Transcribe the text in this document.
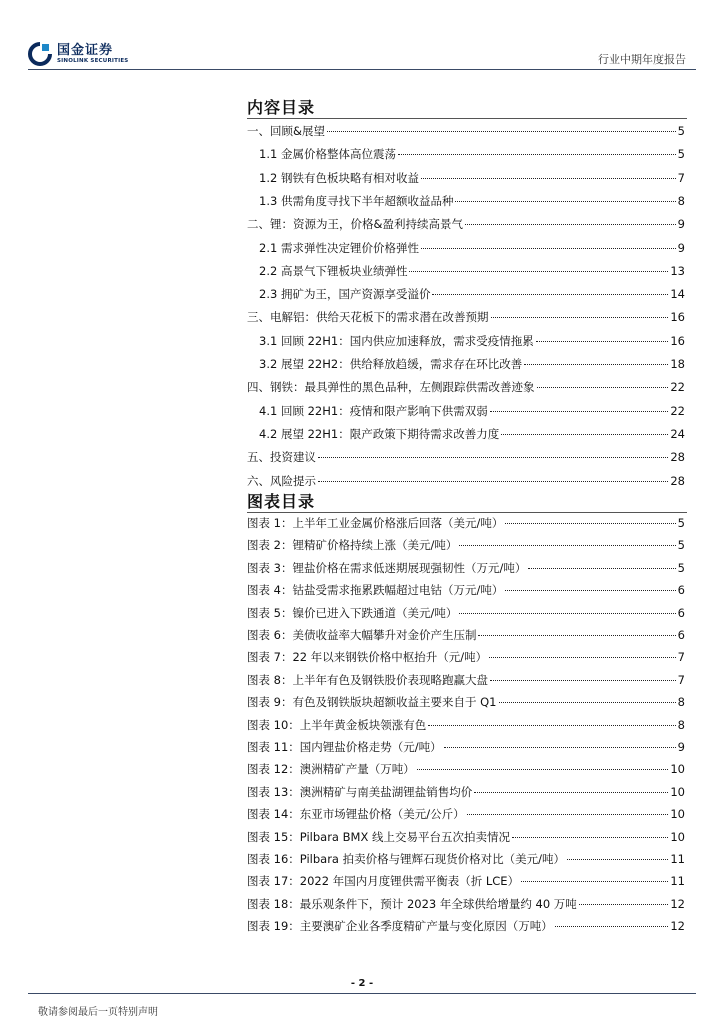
国金证券
SINOLINK SECURITIES	行业中期年度报告
内容目录
一、回顾&展望	5
1.1 金属价格整体高位震荡	5
1.2 钢铁有色板块略有相对收益	7
1.3 供需角度寻找下半年超额收益品种	8
二、锂：资源为王，价格&盈利持续高景气	9
2.1 需求弹性决定锂价价格弹性	9
2.2 高景气下锂板块业绩弹性	13
2.3 拥矿为王，国产资源享受溢价	14
三、电解铝：供给天花板下的需求潜在改善预期	16
3.1 回顾 22H1：国内供应加速释放，需求受疫情拖累	16
3.2 展望 22H2：供给释放趋缓，需求存在环比改善	18
四、钢铁：最具弹性的黑色品种，左侧跟踪供需改善迹象	22
4.1 回顾 22H1：疫情和限产影响下供需双弱	22
4.2 展望 22H1：限产政策下期待需求改善力度	24
五、投资建议	28
六、风险提示	28
图表目录
图表 1：上半年工业金属价格涨后回落（美元/吨）	5
图表 2：锂精矿价格持续上涨（美元/吨）	5
图表 3：锂盐价格在需求低迷期展现强韧性（万元/吨）	5
图表 4：钴盐受需求拖累跌幅超过电钴（万元/吨）	6
图表 5：镍价已进入下跌通道（美元/吨）	6
图表 6：美债收益率大幅攀升对金价产生压制	6
图表 7：22 年以来钢铁价格中枢抬升（元/吨）	7
图表 8：上半年有色及钢铁股价表现略跑赢大盘	7
图表 9：有色及钢铁版块超额收益主要来自于 Q1	8
图表 10：上半年黄金板块领涨有色	8
图表 11：国内锂盐价格走势（元/吨）	9
图表 12：澳洲精矿产量（万吨）	10
图表 13：澳洲精矿与南美盐湖锂盐销售均价	10
图表 14：东亚市场锂盐价格（美元/公斤）	10
图表 15：Pilbara BMX 线上交易平台五次拍卖情况	10
图表 16：Pilbara 拍卖价格与锂辉石现货价格对比（美元/吨）	11
图表 17：2022 年国内月度锂供需平衡表（折 LCE）	11
图表 18：最乐观条件下，预计 2023 年全球供给增量约 40 万吨	12
图表 19：主要澳矿企业各季度精矿产量与变化原因（万吨）	12
- 2 -
敬请参阅最后一页特别声明
